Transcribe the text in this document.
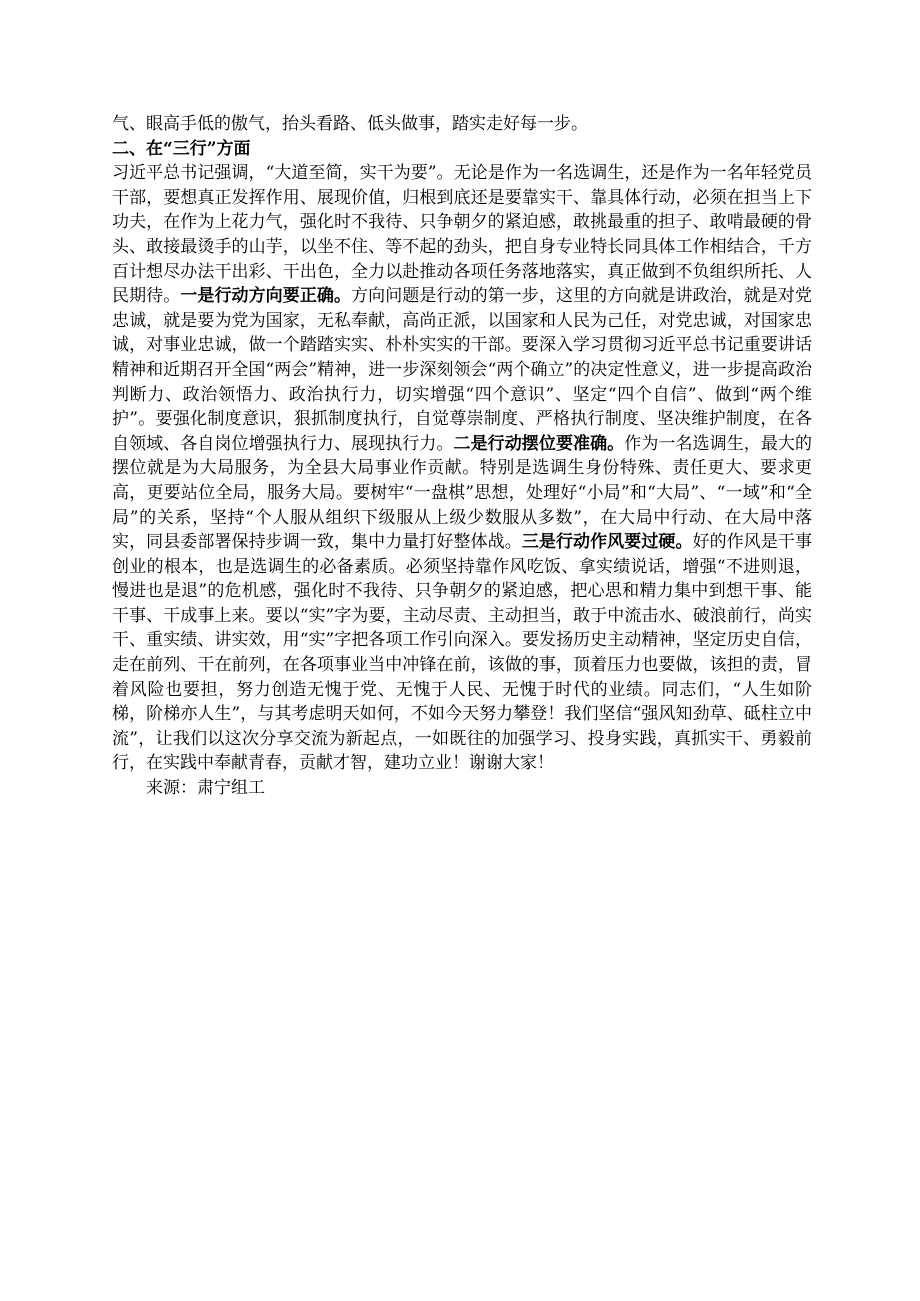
气、眼高手低的傲气，抬头看路、低头做事，踏实走好每一步。

二、在“三行”方面

习近平总书记强调，“大道至简，实干为要”。无论是作为一名选调生，还是作为一名年轻党员干部，要想真正发挥作用、展现价值，归根到底还是要靠实干、靠具体行动，必须在担当上下功夫，在作为上花力气，强化时不我待、只争朝夕的紧迫感，敢挑最重的担子、敢啃最硬的骨头、敢接最烫手的山芋，以坐不住、等不起的劲头，把自身专业特长同具体工作相结合，千方百计想尽办法干出彩、干出色，全力以赴推动各项任务落地落实，真正做到不负组织所托、人民期待。一是行动方向要正确。方向问题是行动的第一步，这里的方向就是讲政治，就是对党忠诚，就是要为党为国家，无私奉献，高尚正派，以国家和人民为己任，对党忠诚，对国家忠诚，对事业忠诚，做一个踏踏实实、朴朴实实的干部。要深入学习贯彻习近平总书记重要讲话精神和近期召开全国“两会”精神，进一步深刻领会“两个确立”的决定性意义，进一步提高政治判断力、政治领悟力、政治执行力，切实增强“四个意识”、坚定“四个自信”、做到“两个维护”。要强化制度意识，狠抓制度执行，自觉尊崇制度、严格执行制度、坚决维护制度，在各自领域、各自岗位增强执行力、展现执行力。二是行动摆位要准确。作为一名选调生，最大的摆位就是为大局服务，为全县大局事业作贡献。特别是选调生身份特殊、责任更大、要求更高，更要站位全局，服务大局。要树牢“一盘棋”思想，处理好“小局”和“大局”、“一域”和“全局”的关系，坚持“个人服从组织下级服从上级少数服从多数”，在大局中行动、在大局中落实，同县委部署保持步调一致，集中力量打好整体战。三是行动作风要过硬。好的作风是干事创业的根本，也是选调生的必备素质。必须坚持靠作风吃饭、拿实绩说话，增强“不进则退，慢进也是退”的危机感，强化时不我待、只争朝夕的紧迫感，把心思和精力集中到想干事、能干事、干成事上来。要以“实”字为要，主动尽责、主动担当，敢于中流击水、破浪前行，尚实干、重实绩、讲实效，用“实”字把各项工作引向深入。要发扬历史主动精神，坚定历史自信，走在前列、干在前列，在各项事业当中冲锋在前，该做的事，顶着压力也要做，该担的责，冒着风险也要担，努力创造无愧于党、无愧于人民、无愧于时代的业绩。同志们，“人生如阶梯，阶梯亦人生”，与其考虑明天如何，不如今天努力攀登！我们坚信“强风知劲草、砥柱立中流”，让我们以这次分享交流为新起点，一如既往的加强学习、投身实践，真抓实干、勇毅前行，在实践中奉献青春，贡献才智，建功立业！谢谢大家！

来源：肃宁组工
